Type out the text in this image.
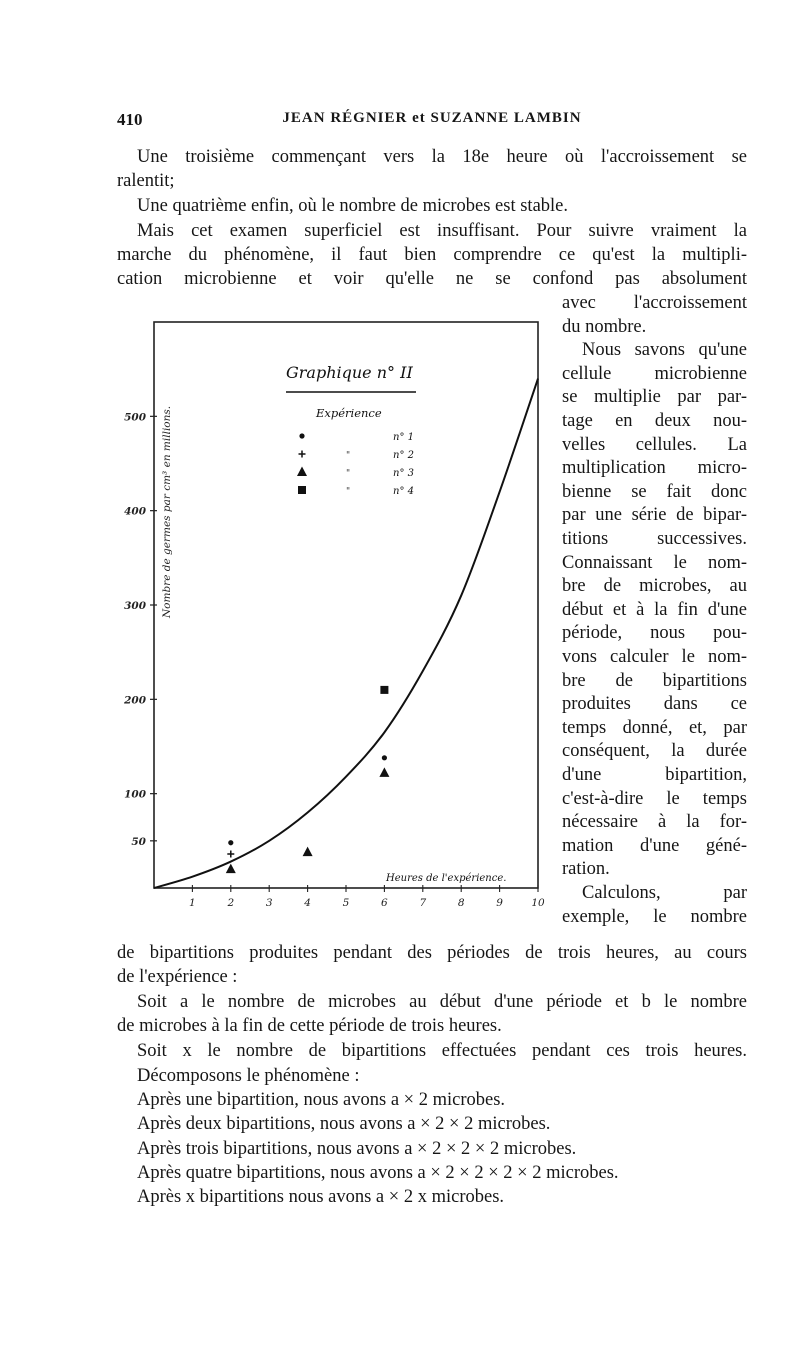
410	JEAN RÉGNIER et SUZANNE LAMBIN
Une troisième commençant vers la 18e heure où l'accroissement se
ralentit;
Une quatrième enfin, où le nombre de microbes est stable.
Mais cet examen superficiel est insuffisant. Pour suivre vraiment la
marche du phénomène, il faut bien comprendre ce qu'est la multipli-
cation microbienne et voir qu'elle ne se confond pas absolument
avec l'accroissement
du nombre.
Nous savons qu'une
cellule microbienne
se multiplie par par-
tage en deux nou-
velles cellules. La
multiplication micro-
bienne se fait donc
par une série de bipar-
titions successives.
Connaissant le nom-
bre de microbes, au
début et à la fin d'une
période, nous pou-
vons calculer le nom-
bre de bipartitions
produites dans ce
temps donné, et, par
conséquent, la durée
d'une bipartition,
c'est-à-dire le temps
nécessaire à la for-
mation d'une géné-
ration.
Calculons, par
exemple, le nombre
50
100
200
300
400
500
1	2	3	4	5	6	7	8	9	10
Nombre de germes par cm³ en millions.
Graphique n° II
Expérience
n° 1
"	n° 2
"	n° 3
"	n° 4
Heures de l'expérience.
de bipartitions produites pendant des périodes de trois heures, au cours
de l'expérience :
Soit a le nombre de microbes au début d'une période et b le nombre
de microbes à la fin de cette période de trois heures.
Soit x le nombre de bipartitions effectuées pendant ces trois heures.
Décomposons le phénomène :
Après une bipartition, nous avons a × 2 microbes.
Après deux bipartitions, nous avons a × 2 × 2 microbes.
Après trois bipartitions, nous avons a × 2 × 2 × 2 microbes.
Après quatre bipartitions, nous avons a × 2 × 2 × 2 × 2 microbes.
Après x bipartitions nous avons a × 2 x microbes.
